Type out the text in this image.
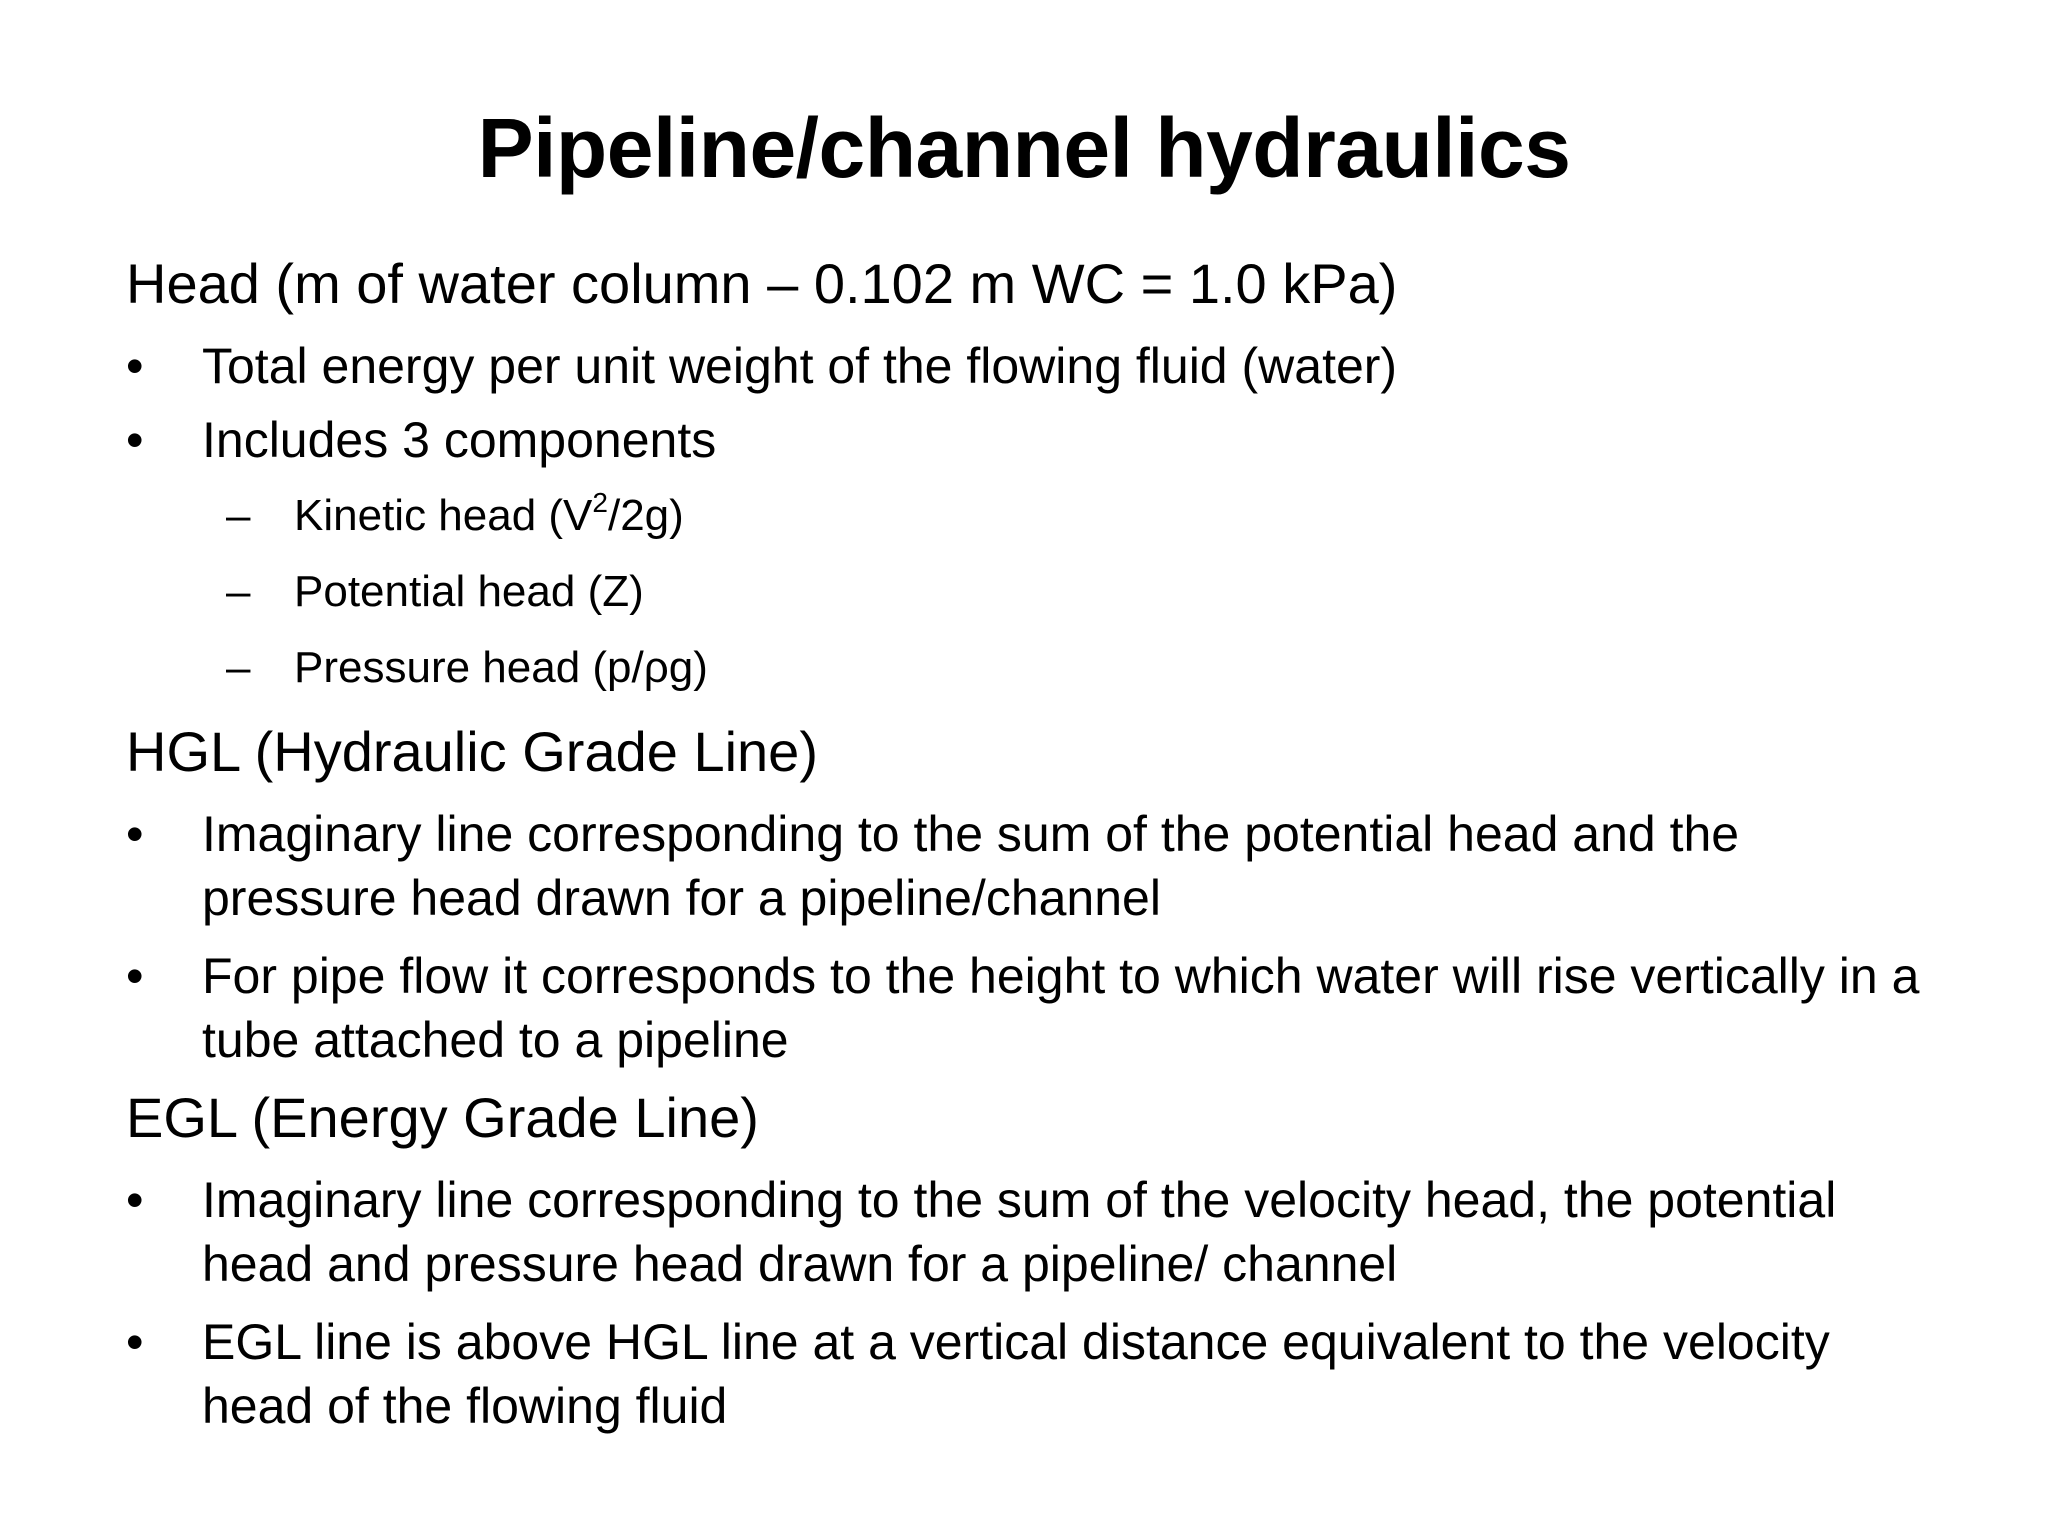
Pipeline/channel hydraulics
Head (m of water column – 0.102 m WC = 1.0 kPa)
• Total energy per unit weight of the flowing fluid (water)
• Includes 3 components
– Kinetic head $(V^2/2g)$
– Potential head (Z)
– Pressure head (p/ρg)
HGL (Hydraulic Grade Line)
• Imaginary line corresponding to the sum of the potential head and the pressure head drawn for a pipeline/channel
• For pipe flow it corresponds to the height to which water will rise vertically in a tube attached to a pipeline
EGL (Energy Grade Line)
• Imaginary line corresponding to the sum of the velocity head, the potential head and pressure head drawn for a pipeline/ channel
• EGL line is above HGL line at a vertical distance equivalent to the velocity head of the flowing fluid
